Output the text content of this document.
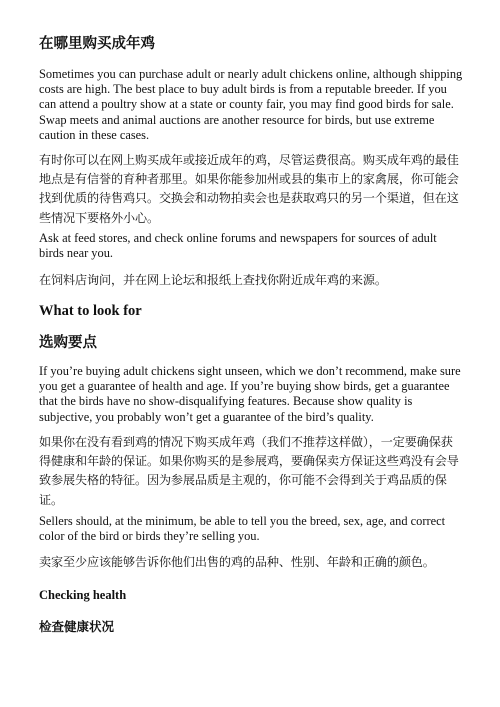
在哪里购买成年鸡

Sometimes you can purchase adult or nearly adult chickens online, although shipping costs are high. The best place to buy adult birds is from a reputable breeder. If you can attend a poultry show at a state or county fair, you may find good birds for sale. Swap meets and animal auctions are another resource for birds, but use extreme caution in these cases.

有时你可以在网上购买成年或接近成年的鸡，尽管运费很高。购买成年鸡的最佳地点是有信誉的育种者那里。如果你能参加州或县的集市上的家禽展，你可能会找到优质的待售鸡只。交换会和动物拍卖会也是获取鸡只的另一个渠道，但在这些情况下要格外小心。

Ask at feed stores, and check online forums and newspapers for sources of adult birds near you.

在饲料店询问，并在网上论坛和报纸上查找你附近成年鸡的来源。

What to look for
选购要点

If you’re buying adult chickens sight unseen, which we don’t recommend, make sure you get a guarantee of health and age. If you’re buying show birds, get a guarantee that the birds have no show-disqualifying features. Because show quality is subjective, you probably won’t get a guarantee of the bird’s quality.

如果你在没有看到鸡的情况下购买成年鸡（我们不推荐这样做），一定要确保获得健康和年龄的保证。如果你购买的是参展鸡，要确保卖方保证这些鸡没有会导致参展失格的特征。因为参展品质是主观的，你可能不会得到关于鸡品质的保证。

Sellers should, at the minimum, be able to tell you the breed, sex, age, and correct color of the bird or birds they’re selling you.

卖家至少应该能够告诉你他们出售的鸡的品种、性别、年龄和正确的颜色。

Checking health
检查健康状况
